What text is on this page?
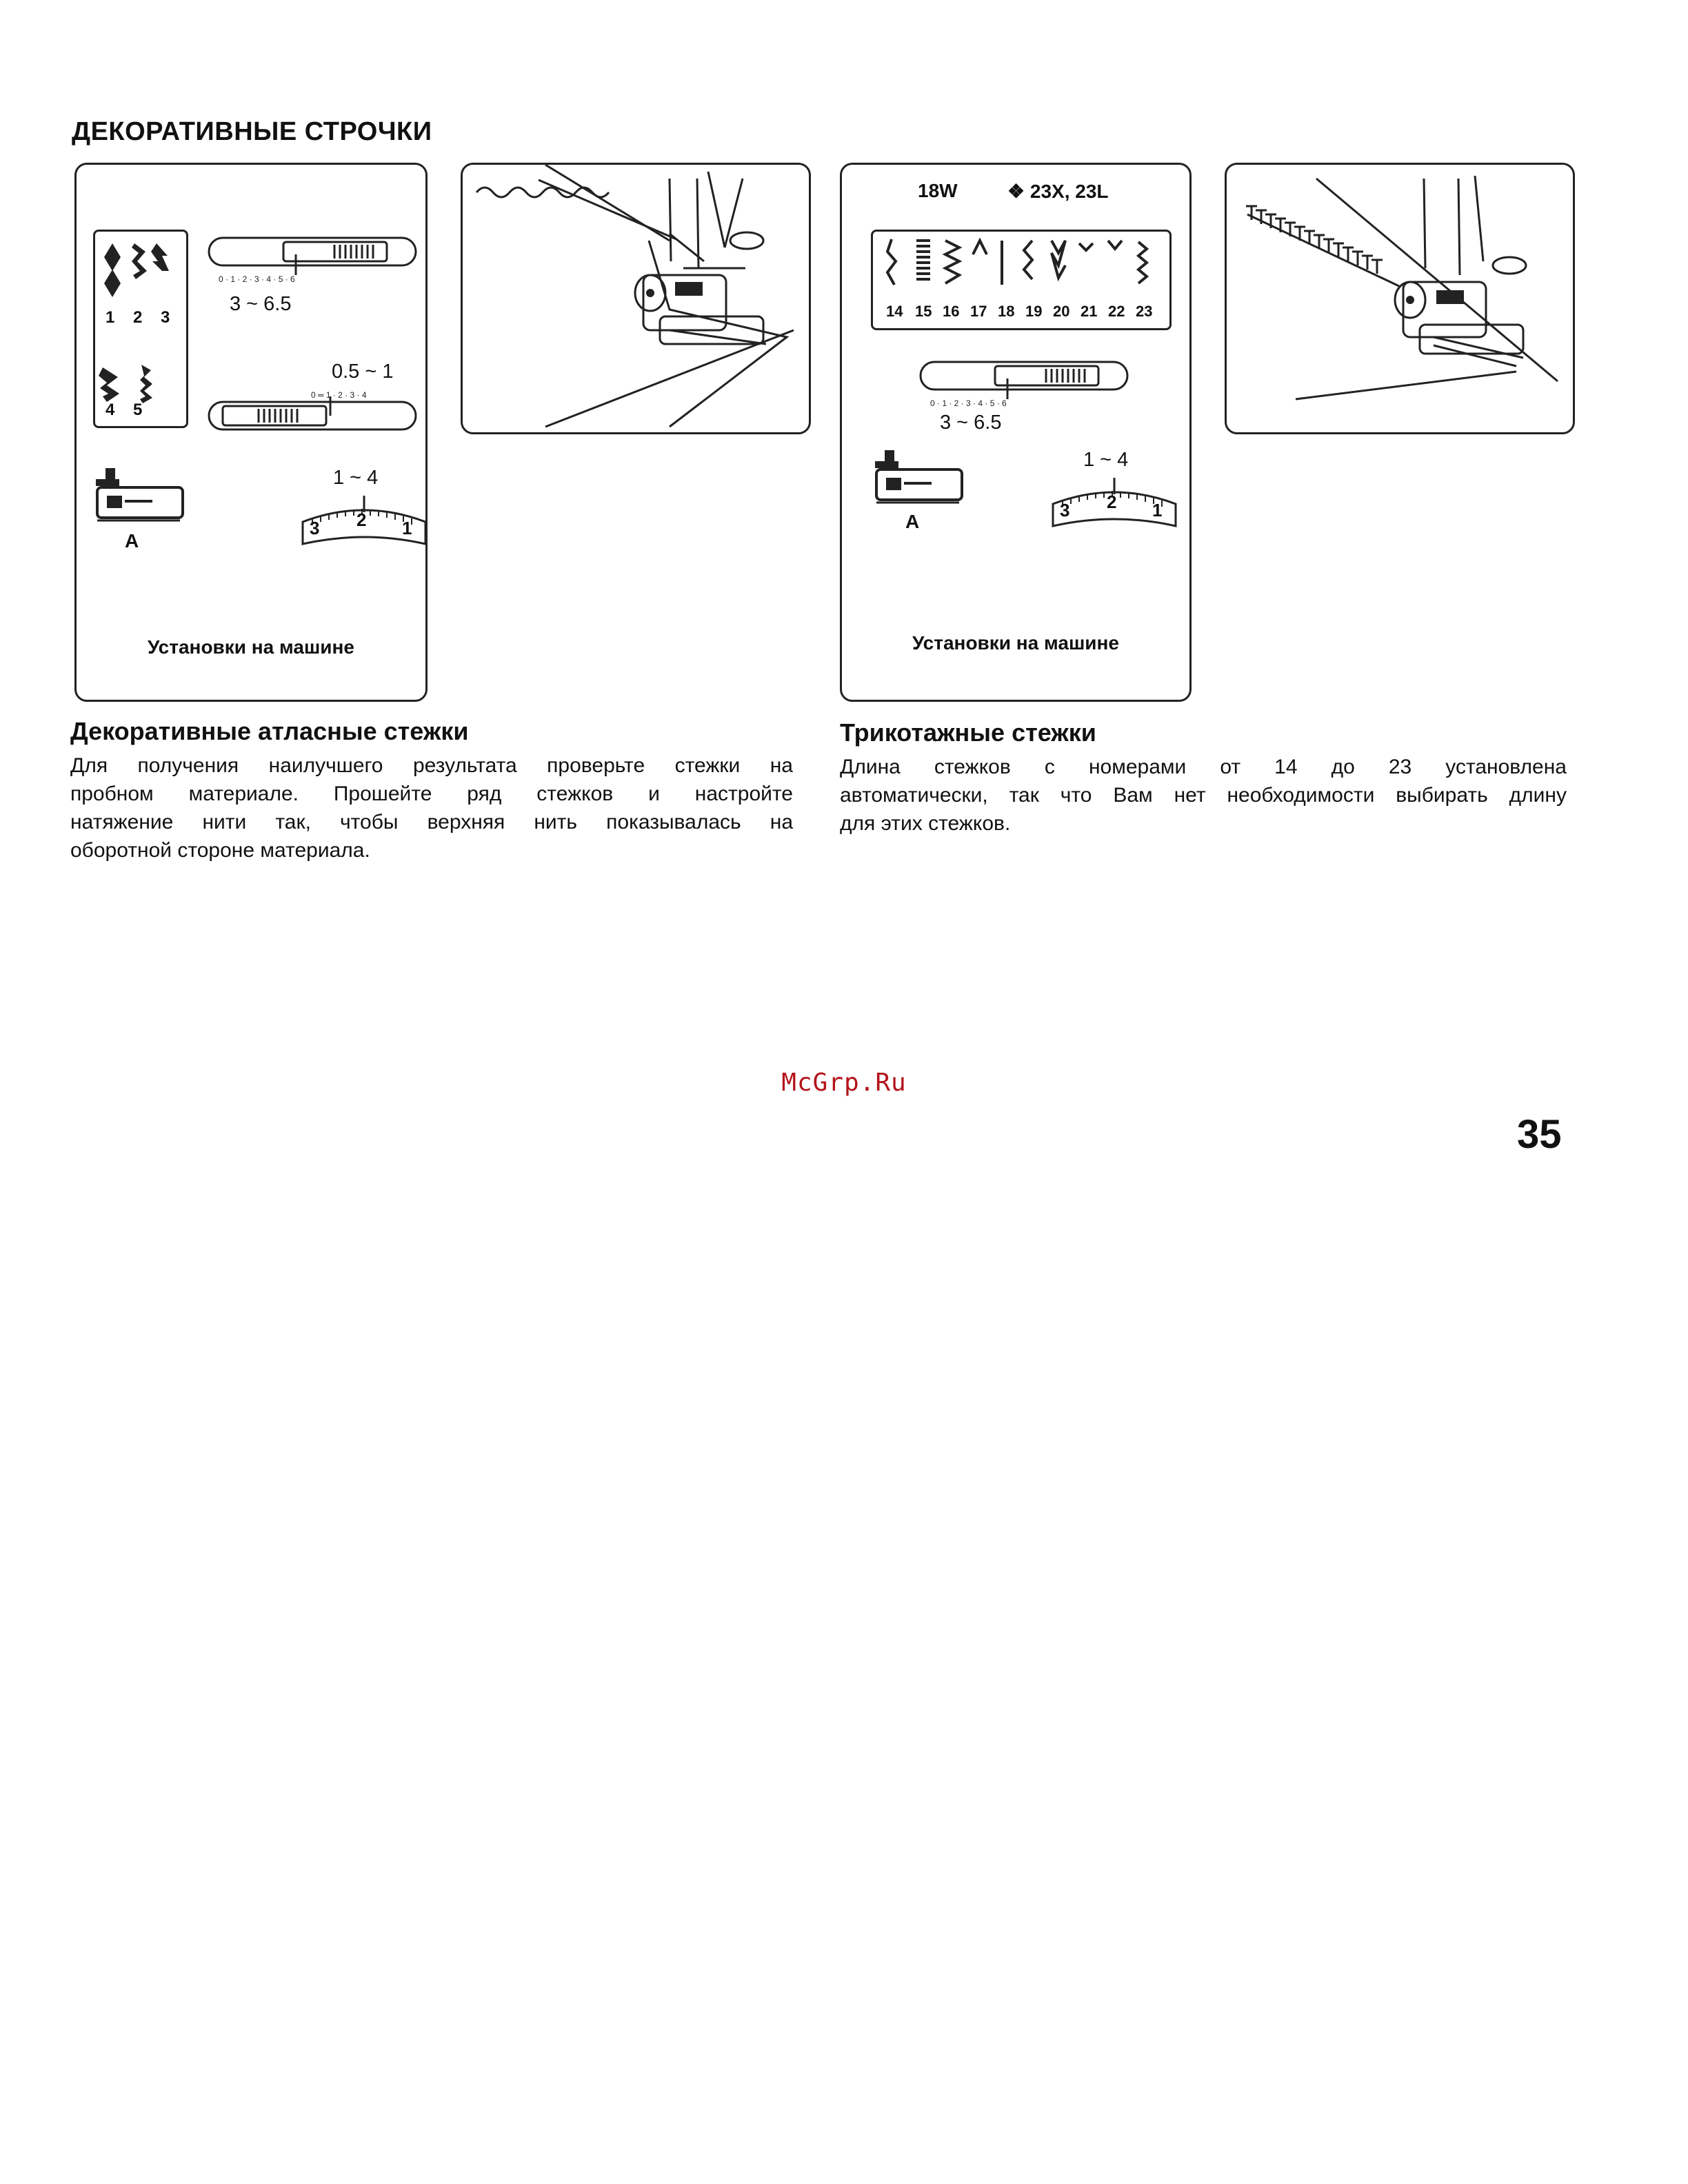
ДЕКОРАТИВНЫЕ СТРОЧКИ
1 2 3
4 5
0 · 1 · 2 · 3 · 4 · 5 · 6
3 ~ 6.5
0.5 ~ 1
0 ═ 1 · 2 · 3 · 4
A
1 ~ 4
3 2 1
Установки на машине
18W	❖ 23X, 23L
14 15 16 17 18 19 20 21 22 23
0 · 1 · 2 · 3 · 4 · 5 · 6
3 ~ 6.5
A
1 ~ 4
3 2 1
Установки на машине
Декоративные атласные стежки

Для получения наилучшего результата проверьте стежки на

пробном материале. Прошейте ряд стежков и настройте

натяжение нити так, чтобы верхняя нить показывалась на

оборотной стороне материала.

Трикотажные стежки

Длина стежков с номерами от 14 до 23 установлена

автоматически, так что Вам нет необходимости выбирать длину

для этих стежков.

McGrp.Ru
35
